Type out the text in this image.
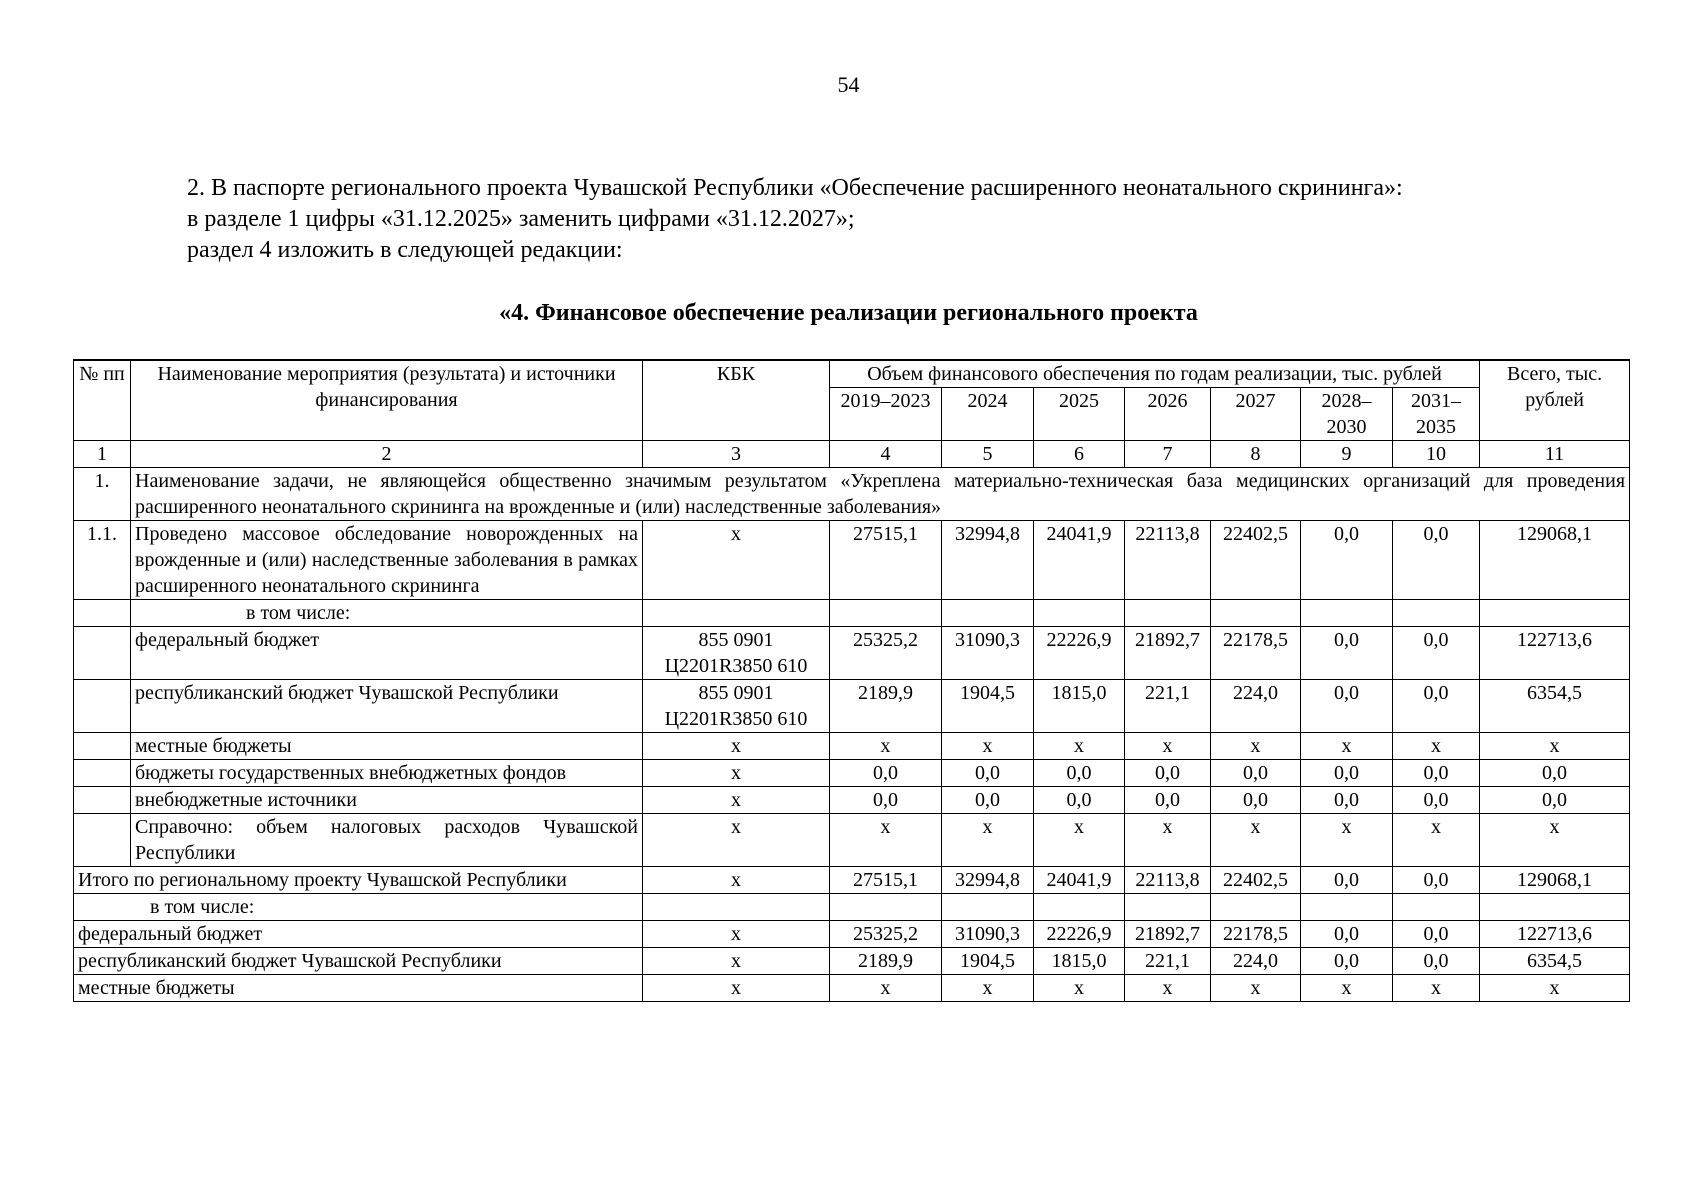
54

2. В паспорте регионального проекта Чувашской Республики «Обеспечение расширенного неонатального скрининга»:

в разделе 1 цифры «31.12.2025» заменить цифрами «31.12.2027»;

раздел 4 изложить в следующей редакции:

«4. Финансовое обеспечение реализации регионального проекта
№ пп	Наименование мероприятия (результата) и источники финансирования	КБК	Объем финансового обеспечения по годам реализации, тыс. рублей							Всего, тыс. рублей
			2019–2023	2024	2025	2026	2027	2028–2030	2031–2035	
1	2	3	4	5	6	7	8	9	10	11
1.	Наименование задачи, не являющейся общественно значимым результатом «Укреплена материально-техническая база медицинских организаций для проведения расширенного неонатального скрининга на врожденные и (или) наследственные заболевания»									
1.1.	Проведено массовое обследование новорожденных на врожденные и (или) наследственные заболевания в рамках расширенного неонатального скрининга	х	27515,1	32994,8	24041,9	22113,8	22402,5	0,0	0,0	129068,1
	в том числе:									
	федеральный бюджет	855 0901 Ц2201R3850 610	25325,2	31090,3	22226,9	21892,7	22178,5	0,0	0,0	122713,6
	республиканский бюджет Чувашской Республики	855 0901 Ц2201R3850 610	2189,9	1904,5	1815,0	221,1	224,0	0,0	0,0	6354,5
	местные бюджеты	х	х	х	х	х	х	х	х	х
	бюджеты государственных внебюджетных фондов	х	0,0	0,0	0,0	0,0	0,0	0,0	0,0	0,0
	внебюджетные источники	х	0,0	0,0	0,0	0,0	0,0	0,0	0,0	0,0
	Справочно: объем налоговых расходов Чувашской Республики	х	х	х	х	х	х	х	х	х
Итого по региональному проекту Чувашской Республики		х	27515,1	32994,8	24041,9	22113,8	22402,5	0,0	0,0	129068,1
в том числе:										
федеральный бюджет		х	25325,2	31090,3	22226,9	21892,7	22178,5	0,0	0,0	122713,6
республиканский бюджет Чувашской Республики		х	2189,9	1904,5	1815,0	221,1	224,0	0,0	0,0	6354,5
местные бюджеты		х	х	х	х	х	х	х	х	х
